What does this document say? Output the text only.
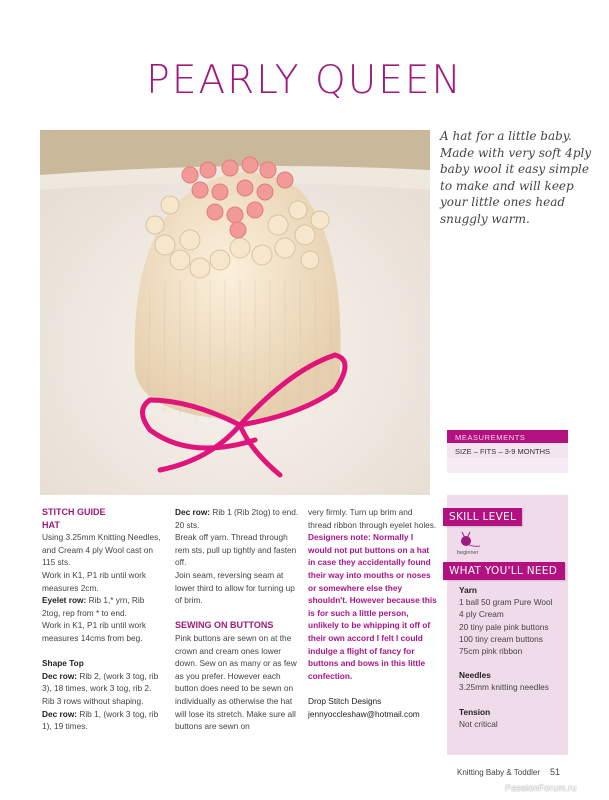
PEARLY QUEEN

A hat for a little baby. Made with very soft 4ply baby wool it easy simple to make and will keep your little ones head snuggly warm.

MEASUREMENTS
SIZE – FITS – 3-9 MONTHS
SKILL LEVEL
beginner
WHAT YOU'LL NEED
Yarn
1 ball 50 gram Pure Wool
4 ply Cream
20 tiny pale pink buttons
100 tiny cream buttons
75cm pink ribbon
Needles
3.25mm knitting needles
Tension
Not critical
STITCH GUIDE
HAT
Using 3.25mm Knitting Needles, and Cream 4 ply Wool cast on 115 sts.
Work in K1, P1 rib until work measures 2cm.
Eyelet row: Rib 1,* yrn, Rib 2tog, rep from * to end.
Work in K1, P1 rib until work measures 14cms from beg.
Shape Top
Dec row: Rib 2, (work 3 tog, rib 3), 18 times, work 3 tog, rib 2.
Rib 3 rows without shaping.
Dec row: Rib 1, (work 3 tog, rib 1), 19 times.
Dec row: Rib 1 (Rib 2tog) to end. 20 sts.
Break off yarn. Thread through rem sts, pull up tightly and fasten off.
Join seam, reversing seam at lower third to allow for turning up of brim.
SEWING ON BUTTONS
Pink buttons are sewn on at the crown and cream ones lower down. Sew on as many or as few as you prefer. However each button does need to be sewn on individually as otherwise the hat will lose its stretch. Make sure all buttons are sewn on
very firmly. Turn up brim and thread ribbon through eyelet holes.
Designers note: Normally I would not put buttons on a hat in case they accidentally found their way into mouths or noses or somewhere else they shouldn't. However because this is for such a little person, unlikely to be whipping it off of their own accord I felt I could indulge a flight of fancy for buttons and bows in this little confection.
Drop Stitch Designs
jennyoccleshaw@hotmail.com
Knitting Baby & Toddler 51
PassionForum.ru
